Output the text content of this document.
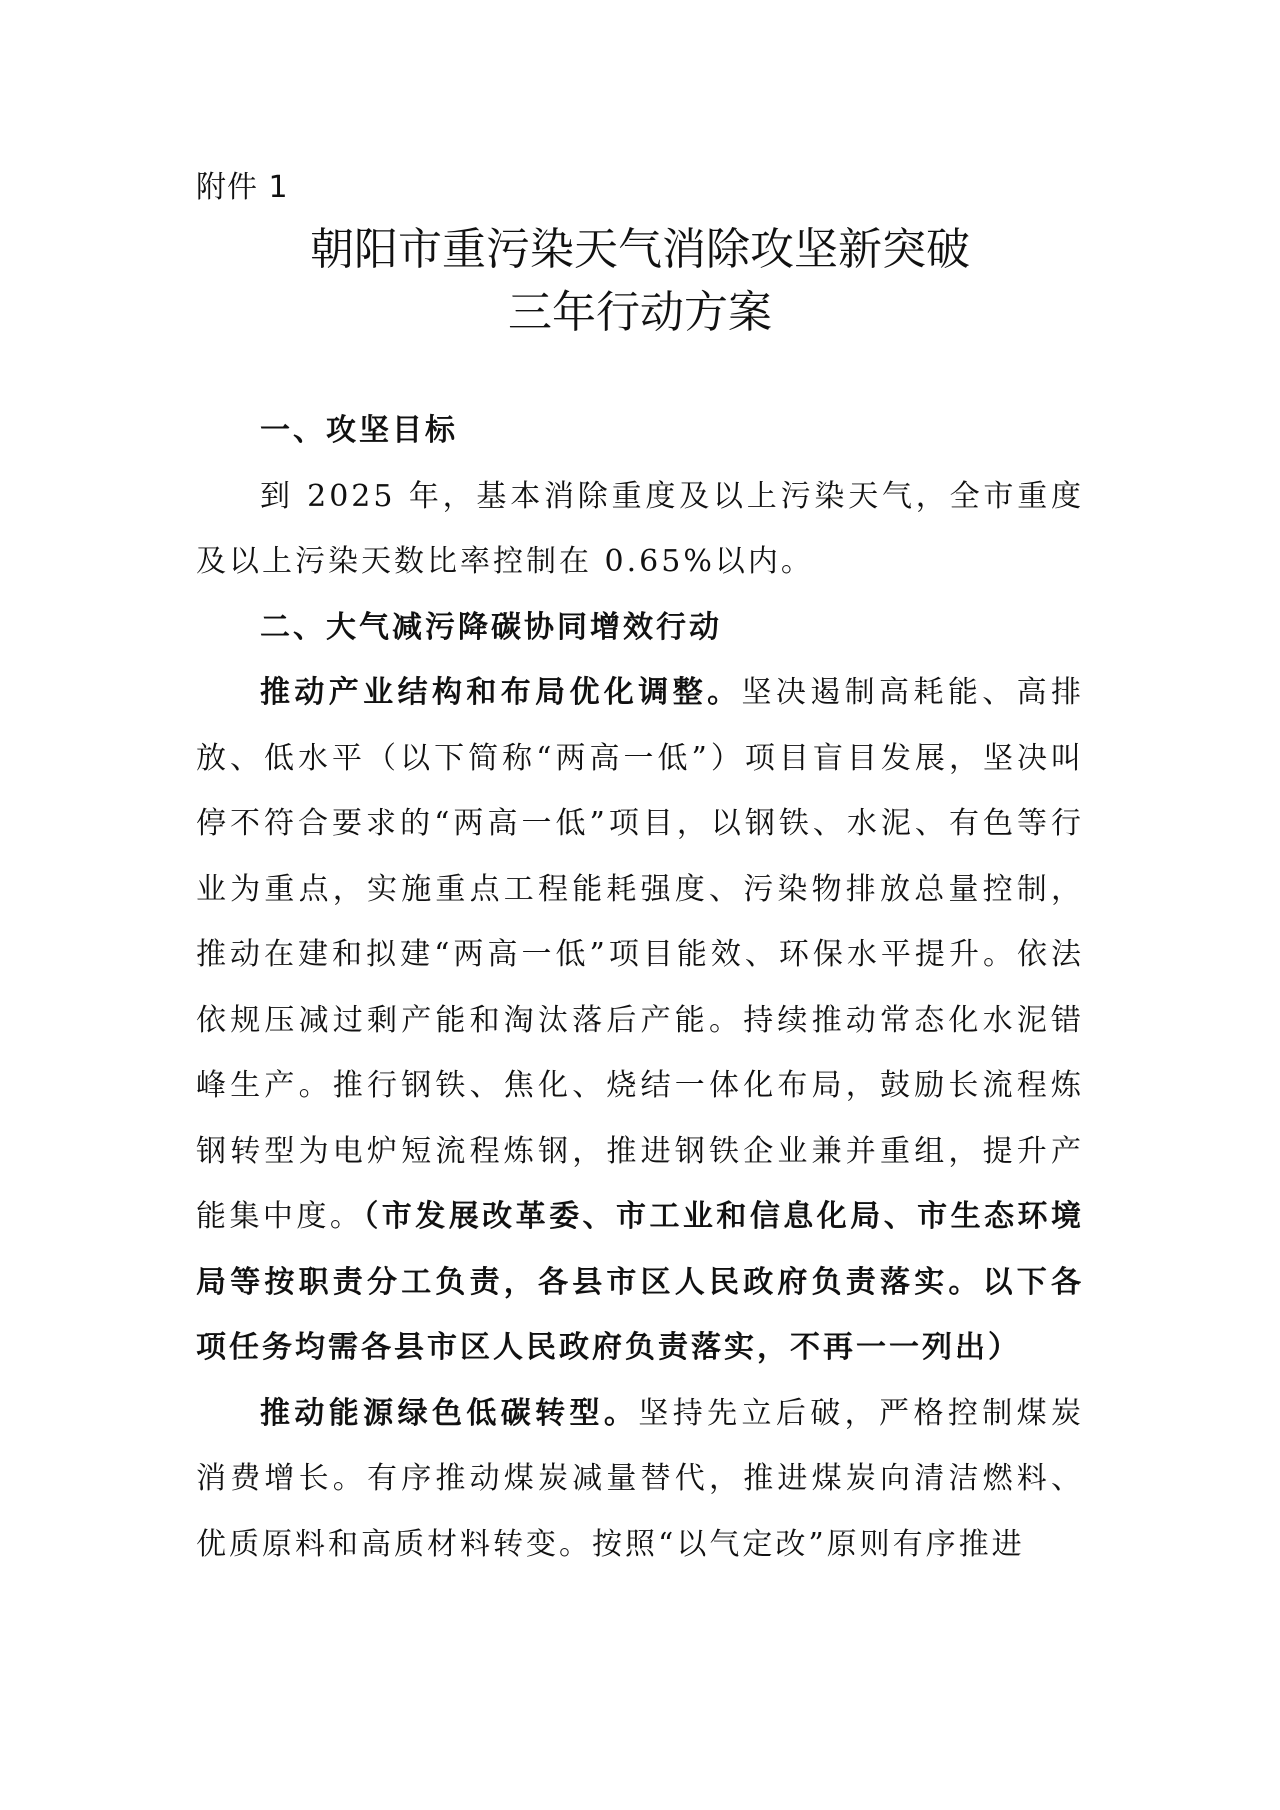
附件 1
朝阳市重污染天气消除攻坚新突破
三年行动方案

一、攻坚目标

到 2025 年，基本消除重度及以上污染天气，全市重度及以上污染天数比率控制在 0.65%以内。

二、大气减污降碳协同增效行动

推动产业结构和布局优化调整。坚决遏制高耗能、高排放、低水平（以下简称“两高一低”）项目盲目发展，坚决叫停不符合要求的“两高一低”项目，以钢铁、水泥、有色等行业为重点，实施重点工程能耗强度、污染物排放总量控制，推动在建和拟建“两高一低”项目能效、环保水平提升。依法依规压减过剩产能和淘汰落后产能。持续推动常态化水泥错峰生产。推行钢铁、焦化、烧结一体化布局，鼓励长流程炼钢转型为电炉短流程炼钢，推进钢铁企业兼并重组，提升产能集中度。（市发展改革委、市工业和信息化局、市生态环境局等按职责分工负责，各县市区人民政府负责落实。以下各项任务均需各县市区人民政府负责落实，不再一一列出）

推动能源绿色低碳转型。坚持先立后破，严格控制煤炭消费增长。有序推动煤炭减量替代，推进煤炭向清洁燃料、优质原料和高质材料转变。按照“以气定改”原则有序推进
